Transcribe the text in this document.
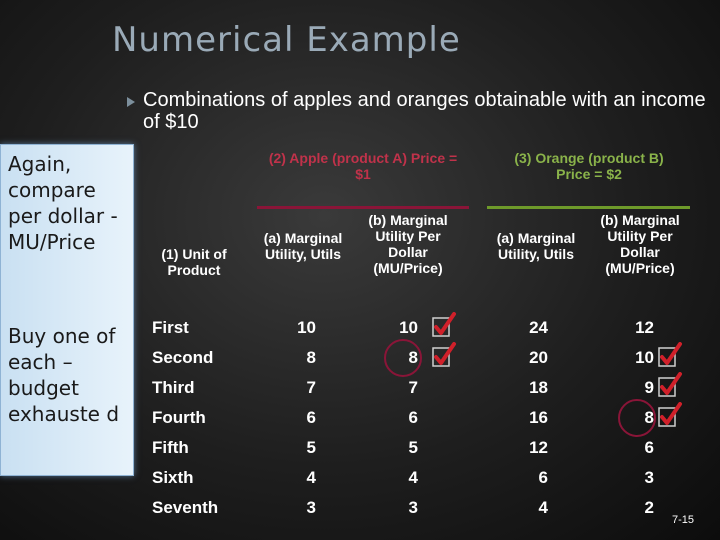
Numerical Example
Combinations of apples and oranges obtainable with an income of $10
Again, compare per dollar -MU/Price
Buy one of each – budget exhauste d
(2) Apple (product A) Price = $1
(3) Orange (product B) Price = $2
(1) Unit of Product
(a) Marginal Utility, Utils
(b) Marginal Utility Per Dollar (MU/Price)
(a) Marginal Utility, Utils
(b) Marginal Utility Per Dollar (MU/Price)
First	10	10	24	12
Second	8	8	20	10
Third	7	7	18	9
Fourth	6	6	16	8
Fifth	5	5	12	6
Sixth	4	4	6	3
Seventh	3	3	4	2
7-15
